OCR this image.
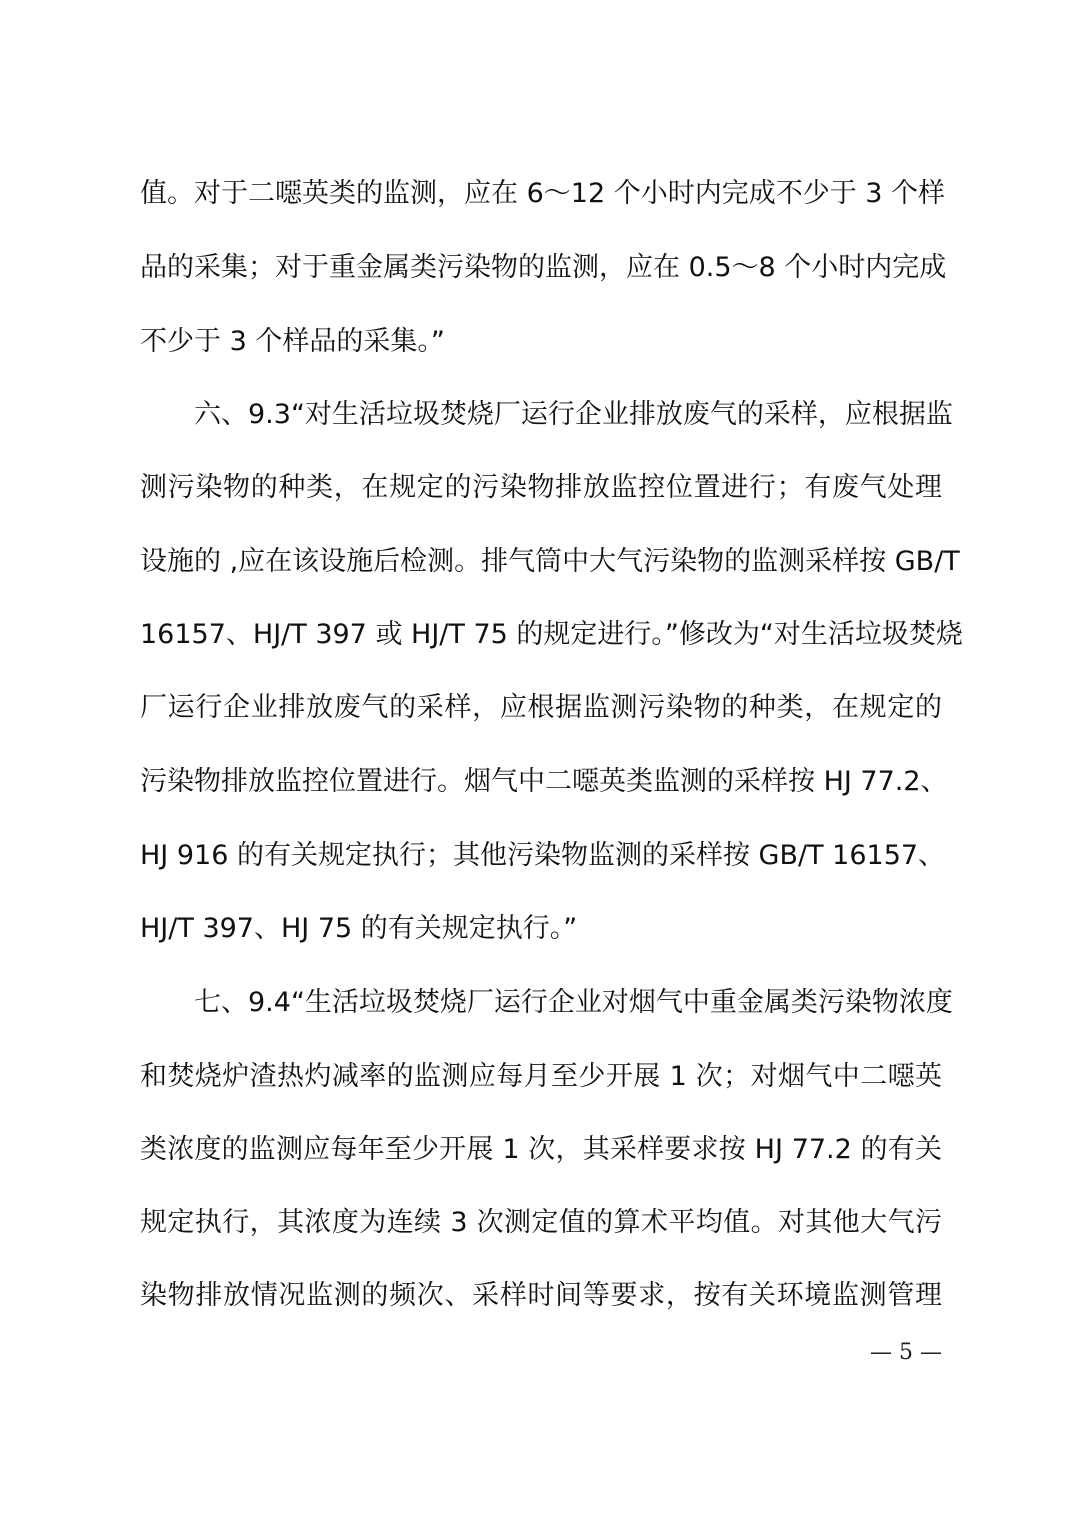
值。对于二噁英类的监测，应在 6～12 个小时内完成不少于 3 个样
品的采集；对于重金属类污染物的监测，应在 0.5～8 个小时内完成
不少于 3 个样品的采集。”
六、9.3“对生活垃圾焚烧厂运行企业排放废气的采样，应根据监
测污染物的种类，在规定的污染物排放监控位置进行；有废气处理
设施的 ,应在该设施后检测。排气筒中大气污染物的监测采样按 GB/T
16157、HJ/T 397 或 HJ/T 75 的规定进行。”修改为“对生活垃圾焚烧
厂运行企业排放废气的采样，应根据监测污染物的种类，在规定的
污染物排放监控位置进行。烟气中二噁英类监测的采样按 HJ 77.2、
HJ 916 的有关规定执行；其他污染物监测的采样按 GB/T 16157、
HJ/T 397、HJ 75 的有关规定执行。”
七、9.4“生活垃圾焚烧厂运行企业对烟气中重金属类污染物浓度
和焚烧炉渣热灼减率的监测应每月至少开展 1 次；对烟气中二噁英
类浓度的监测应每年至少开展 1 次，其采样要求按 HJ 77.2 的有关
规定执行，其浓度为连续 3 次测定值的算术平均值。对其他大气污
染物排放情况监测的频次、采样时间等要求，按有关环境监测管理
— 5 —
